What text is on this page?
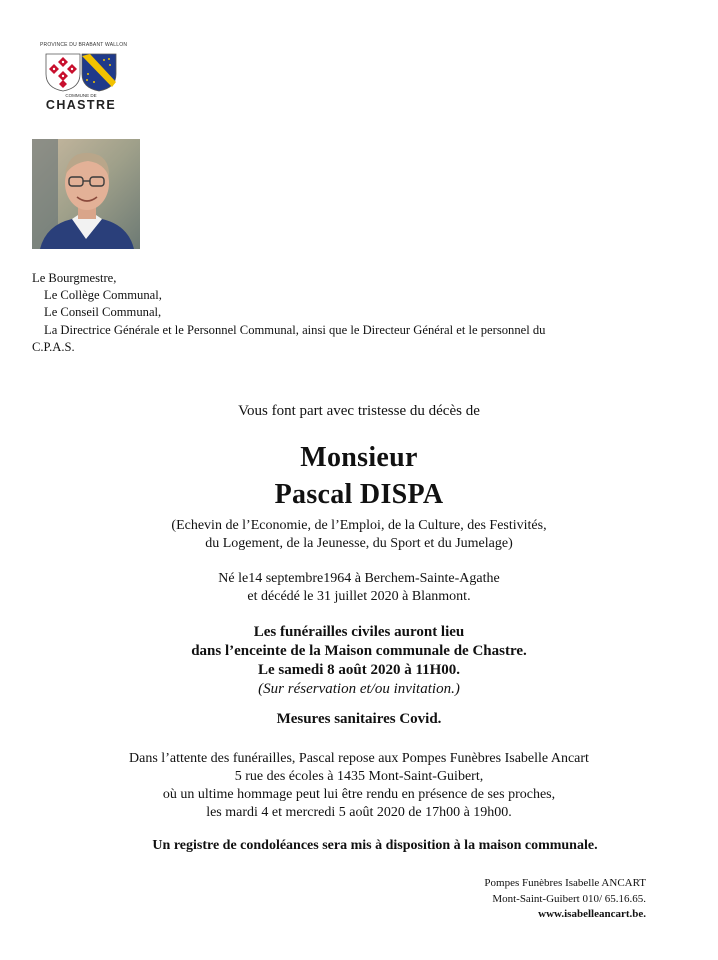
PROVINCE DU BRABANT WALLON
COMMUNE DE
CHASTRE
Le Bourgmestre,
Le Collège Communal,
Le Conseil Communal,
La Directrice Générale et le Personnel Communal, ainsi que le Directeur Général et le personnel du
C.P.A.S.
Vous font part avec tristesse du décès de
Monsieur
Pascal DISPA
(Echevin de l’Economie, de l’Emploi, de la Culture, des Festivités,
du Logement, de la Jeunesse, du Sport et du Jumelage)
Né le14 septembre1964 à Berchem-Sainte-Agathe
et décédé le 31 juillet 2020 à Blanmont.
Les funérailles civiles auront lieu
dans l’enceinte de la Maison communale de Chastre.
Le samedi 8 août 2020 à 11H00.
(Sur réservation et/ou invitation.)
Mesures sanitaires Covid.
Dans l’attente des funérailles, Pascal repose aux Pompes Funèbres Isabelle Ancart
5 rue des écoles à 1435 Mont-Saint-Guibert,
où un ultime hommage peut lui être rendu en présence de ses proches,
les mardi 4 et mercredi 5 août 2020 de 17h00 à 19h00.
Un registre de condoléances sera mis à disposition à la maison communale.
Pompes Funèbres Isabelle ANCART
Mont-Saint-Guibert 010/ 65.16.65.
www.isabelleancart.be.
